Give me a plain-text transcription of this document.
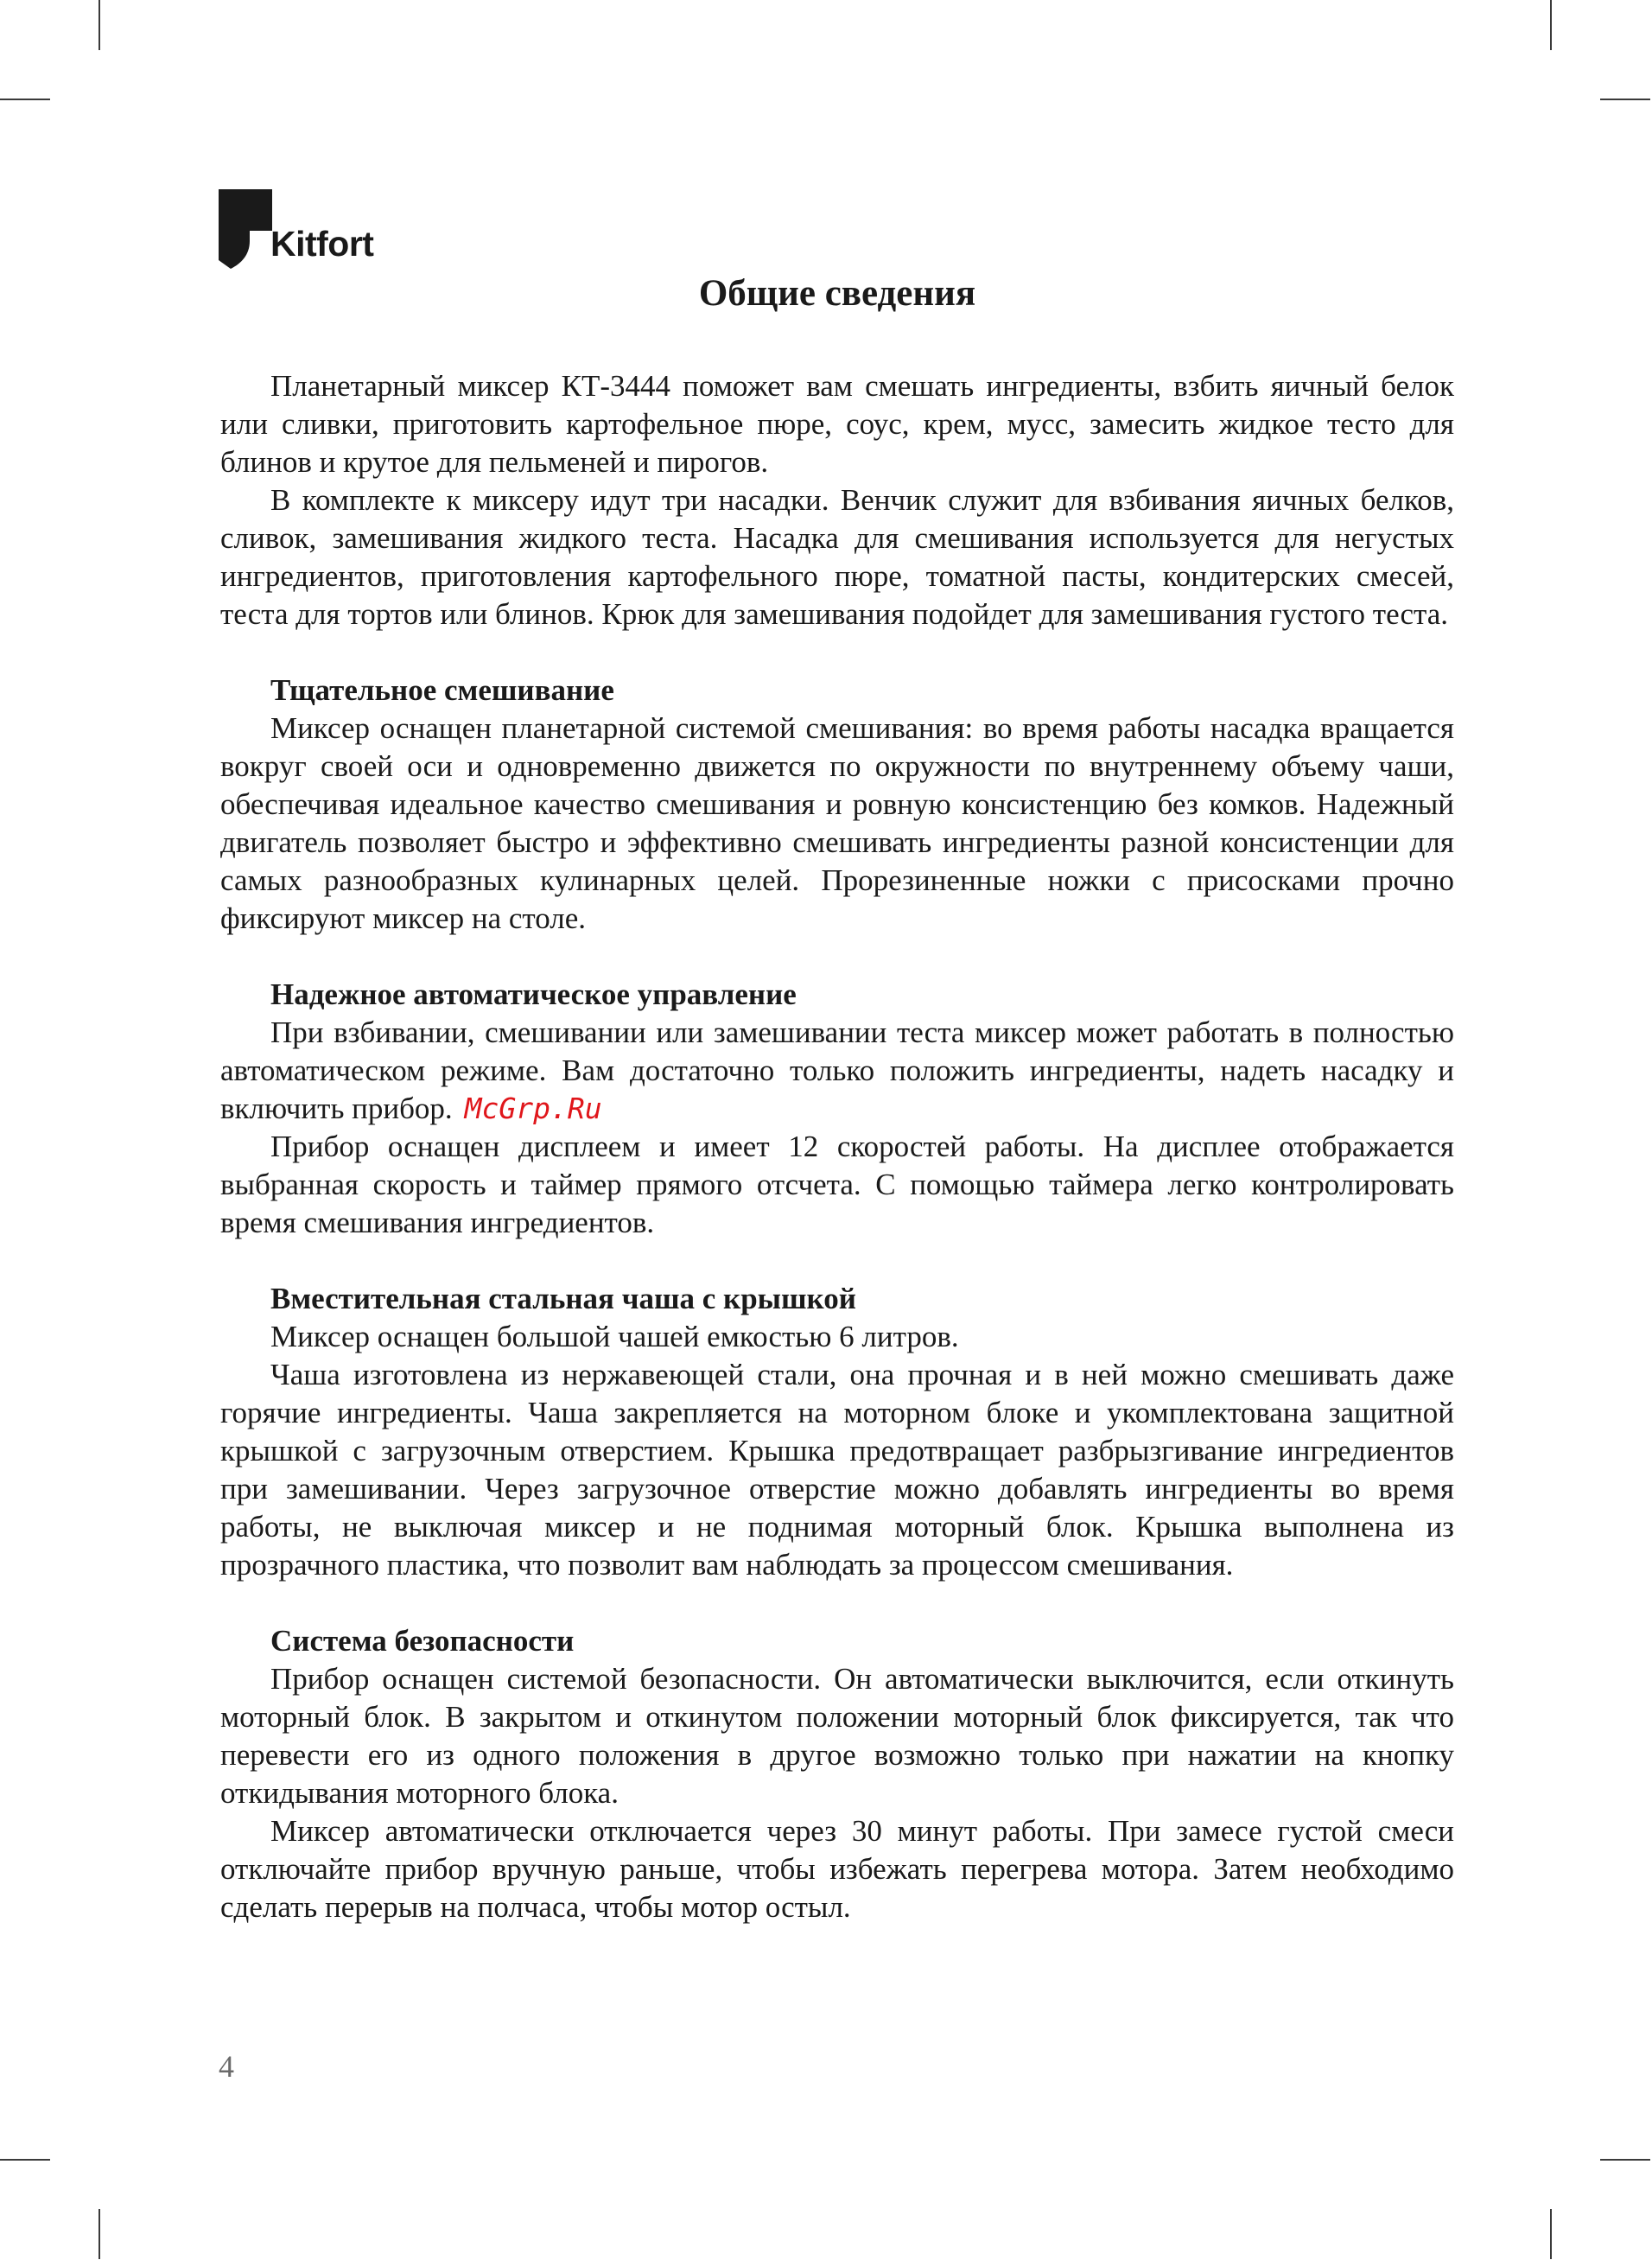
Kitfort
Общие сведения

Планетарный миксер КТ-3444 поможет вам смешать ингредиенты, взбить яичный белок или сливки, приготовить картофельное пюре, соус, крем, мусс, замесить жидкое тесто для блинов и крутое для пельменей и пирогов.

В комплекте к миксеру идут три насадки. Венчик служит для взбивания яичных белков, сливок, замешивания жидкого теста. Насадка для смешивания используется для негустых ингредиентов, приготовления картофельного пюре, томатной пасты, кондитерских смесей, теста для тортов или блинов. Крюк для замешивания подойдет для замешивания густого теста.

Тщательное смешивание

Миксер оснащен планетарной системой смешивания: во время работы насадка вращается вокруг своей оси и одновременно движется по окружности по внутреннему объему чаши, обеспечивая идеальное качество смешивания и ровную консистенцию без комков. Надежный двигатель позволяет быстро и эффективно смешивать ингредиенты разной консистенции для самых разнообразных кулинарных целей. Прорезиненные ножки с присосками прочно фиксируют миксер на столе.

Надежное автоматическое управление

При взбивании, смешивании или замешивании теста миксер может работать в полностью автоматическом режиме. Вам достаточно только положить ингредиенты, надеть насадку и включить прибор. McGrp.Ru

Прибор оснащен дисплеем и имеет 12 скоростей работы. На дисплее отображается выбранная скорость и таймер прямого отсчета. С помощью таймера легко контролировать время смешивания ингредиентов.

Вместительная стальная чаша с крышкой

Миксер оснащен большой чашей емкостью 6 литров.

Чаша изготовлена из нержавеющей стали, она прочная и в ней можно смешивать даже горячие ингредиенты. Чаша закрепляется на моторном блоке и укомплектована защитной крышкой с загрузочным отверстием. Крышка предотвращает разбрызгивание ингредиентов при замешивании. Через загрузочное отверстие можно добавлять ингредиенты во время работы, не выключая миксер и не поднимая моторный блок. Крышка выполнена из прозрачного пластика, что позволит вам наблюдать за процессом смешивания.

Система безопасности

Прибор оснащен системой безопасности. Он автоматически выключится, если откинуть моторный блок. В закрытом и откинутом положении моторный блок фиксируется, так что перевести его из одного положения в другое возможно только при нажатии на кнопку откидывания моторного блока.

Миксер автоматически отключается через 30 минут работы. При замесе густой смеси отключайте прибор вручную раньше, чтобы избежать перегрева мотора. Затем необходимо сделать перерыв на полчаса, чтобы мотор остыл.

4
